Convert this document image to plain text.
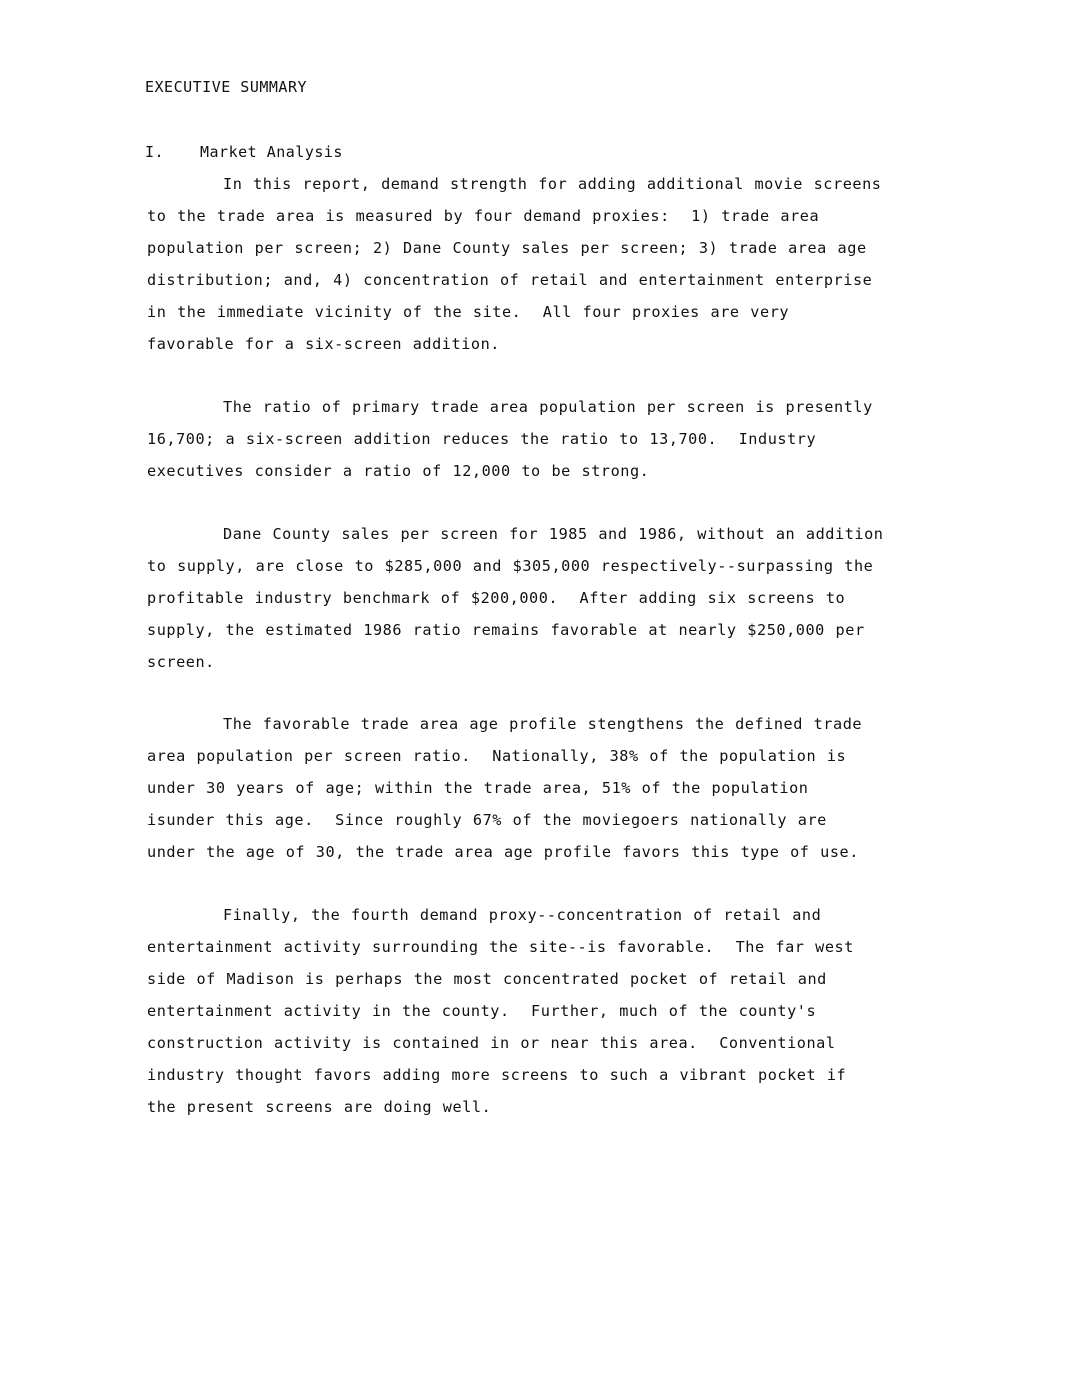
EXECUTIVE SUMMARY
I. Market Analysis
In this report, demand strength for adding additional movie screens
to the trade area is measured by four demand proxies:  1) trade area
population per screen; 2) Dane County sales per screen; 3) trade area age
distribution; and, 4) concentration of retail and entertainment enterprise
in the immediate vicinity of the site.  All four proxies are very
favorable for a six-screen addition.
The ratio of primary trade area population per screen is presently
16,700; a six-screen addition reduces the ratio to 13,700.  Industry
executives consider a ratio of 12,000 to be strong.
Dane County sales per screen for 1985 and 1986, without an addition
to supply, are close to $285,000 and $305,000 respectively--surpassing the
profitable industry benchmark of $200,000.  After adding six screens to
supply, the estimated 1986 ratio remains favorable at nearly $250,000 per
screen.
The favorable trade area age profile stengthens the defined trade
area population per screen ratio.  Nationally, 38% of the population is
under 30 years of age; within the trade area, 51% of the population
isunder this age.  Since roughly 67% of the moviegoers nationally are
under the age of 30, the trade area age profile favors this type of use.
Finally, the fourth demand proxy--concentration of retail and
entertainment activity surrounding the site--is favorable.  The far west
side of Madison is perhaps the most concentrated pocket of retail and
entertainment activity in the county.  Further, much of the county's
construction activity is contained in or near this area.  Conventional
industry thought favors adding more screens to such a vibrant pocket if
the present screens are doing well.
